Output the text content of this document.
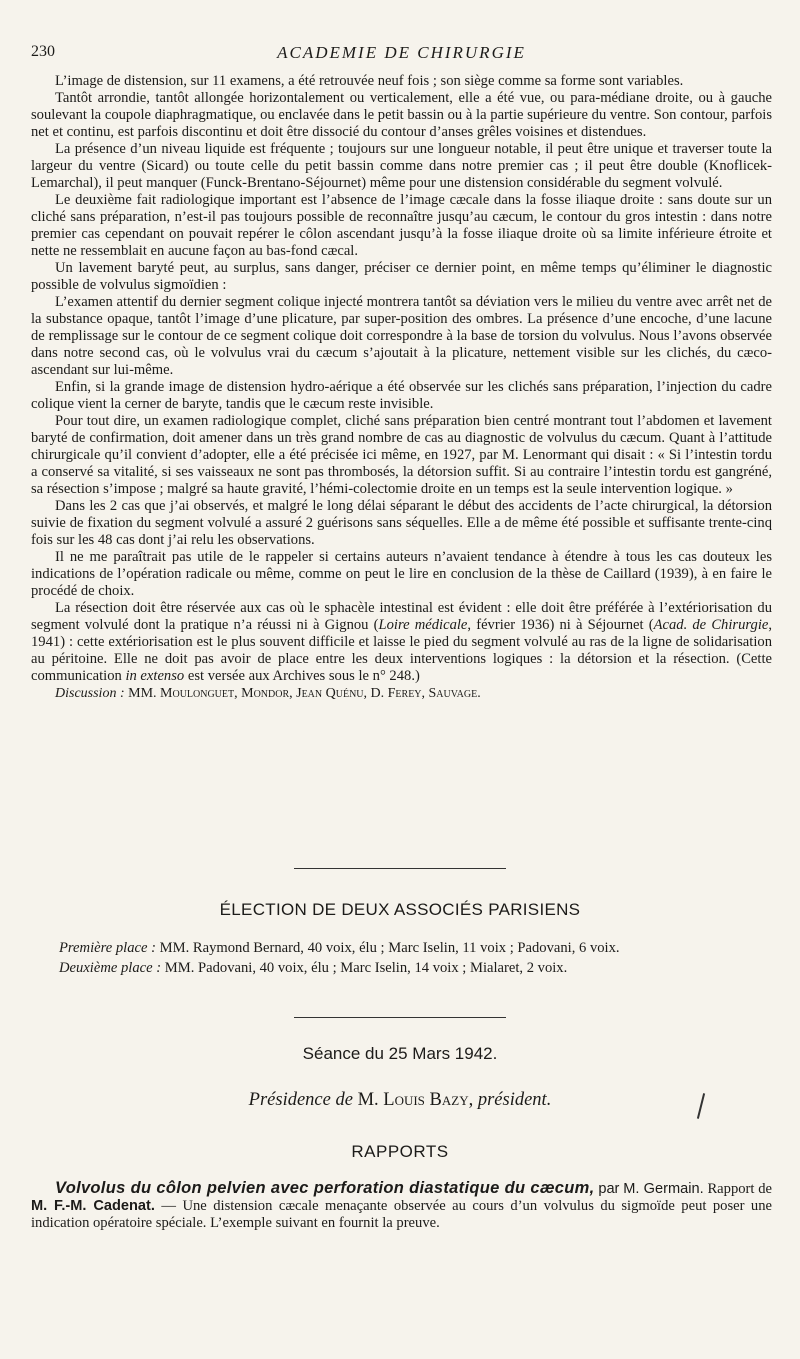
230	ACADEMIE DE CHIRURGIE

L’image de distension, sur 11 examens, a été retrouvée neuf fois ; son siège comme sa forme sont variables.

Tantôt arrondie, tantôt allongée horizontalement ou verticalement, elle a été vue, ou para-médiane droite, ou à gauche soulevant la coupole diaphragmatique, ou enclavée dans le petit bassin ou à la partie supérieure du ventre. Son contour, parfois net et continu, est parfois discontinu et doit être dissocié du contour d’anses grêles voisines et distendues.

La présence d’un niveau liquide est fréquente ; toujours sur une longueur notable, il peut être unique et traverser toute la largeur du ventre (Sicard) ou toute celle du petit bassin comme dans notre premier cas ; il peut être double (Knoflicek-Lemarchal), il peut manquer (Funck-Brentano-Séjournet) même pour une distension considérable du segment volvulé.

Le deuxième fait radiologique important est l’absence de l’image cæcale dans la fosse iliaque droite : sans doute sur un cliché sans préparation, n’est-il pas toujours possible de reconnaître jusqu’au cæcum, le contour du gros intestin : dans notre premier cas cependant on pouvait repérer le côlon ascendant jusqu’à la fosse iliaque droite où sa limite inférieure étroite et nette ne ressemblait en aucune façon au bas-fond cæcal.

Un lavement baryté peut, au surplus, sans danger, préciser ce dernier point, en même temps qu’éliminer le diagnostic possible de volvulus sigmoïdien :

L’examen attentif du dernier segment colique injecté montrera tantôt sa déviation vers le milieu du ventre avec arrêt net de la substance opaque, tantôt l’image d’une plicature, par super-position des ombres. La présence d’une encoche, d’une lacune de remplissage sur le contour de ce segment colique doit correspondre à la base de torsion du volvulus. Nous l’avons observée dans notre second cas, où le volvulus vrai du cæcum s’ajoutait à la plicature, nettement visible sur les clichés, du cæco-ascendant sur lui-même.

Enfin, si la grande image de distension hydro-aérique a été observée sur les clichés sans préparation, l’injection du cadre colique vient la cerner de baryte, tandis que le cæcum reste invisible.

Pour tout dire, un examen radiologique complet, cliché sans préparation bien centré montrant tout l’abdomen et lavement baryté de confirmation, doit amener dans un très grand nombre de cas au diagnostic de volvulus du cæcum. Quant à l’attitude chirurgicale qu’il convient d’adopter, elle a été précisée ici même, en 1927, par M. Lenormant qui disait : « Si l’intestin tordu a conservé sa vitalité, si ses vaisseaux ne sont pas thrombosés, la détorsion suffit. Si au contraire l’intestin tordu est gangréné, sa résection s’impose ; malgré sa haute gravité, l’hémi-colectomie droite en un temps est la seule intervention logique. »

Dans les 2 cas que j’ai observés, et malgré le long délai séparant le début des accidents de l’acte chirurgical, la détorsion suivie de fixation du segment volvulé a assuré 2 guérisons sans séquelles. Elle a de même été possible et suffisante trente-cinq fois sur les 48 cas dont j’ai relu les observations.

Il ne me paraîtrait pas utile de le rappeler si certains auteurs n’avaient tendance à étendre à tous les cas douteux les indications de l’opération radicale ou même, comme on peut le lire en conclusion de la thèse de Caillard (1939), à en faire le procédé de choix.

La résection doit être réservée aux cas où le sphacèle intestinal est évident : elle doit être préférée à l’extériorisation du segment volvulé dont la pratique n’a réussi ni à Gignou (Loire médicale, février 1936) ni à Séjournet (Acad. de Chirurgie, 1941) : cette extériorisation est le plus souvent difficile et laisse le pied du segment volvulé au ras de la ligne de solidarisation au péritoine. Elle ne doit pas avoir de place entre les deux interventions logiques : la détorsion et la résection. (Cette communication in extenso est versée aux Archives sous le n° 248.)

Discussion : MM. Moulonguet, Mondor, Jean Quénu, D. Ferey, Sauvage.

ÉLECTION DE DEUX ASSOCIÉS PARISIENS

Première place : MM. Raymond Bernard, 40 voix, élu ; Marc Iselin, 11 voix ; Padovani, 6 voix.

Deuxième place : MM. Padovani, 40 voix, élu ; Marc Iselin, 14 voix ; Mialaret, 2 voix.

Séance du 25 Mars 1942.
Présidence de M. Louis Bazy, président.
RAPPORTS

Volvolus du côlon pelvien avec perforation diastatique du cæcum, par M. Germain. Rapport de M. F.-M. Cadenat. — Une distension cæcale menaçante observée au cours d’un volvulus du sigmoïde peut poser une indication opératoire spéciale. L’exemple suivant en fournit la preuve.
